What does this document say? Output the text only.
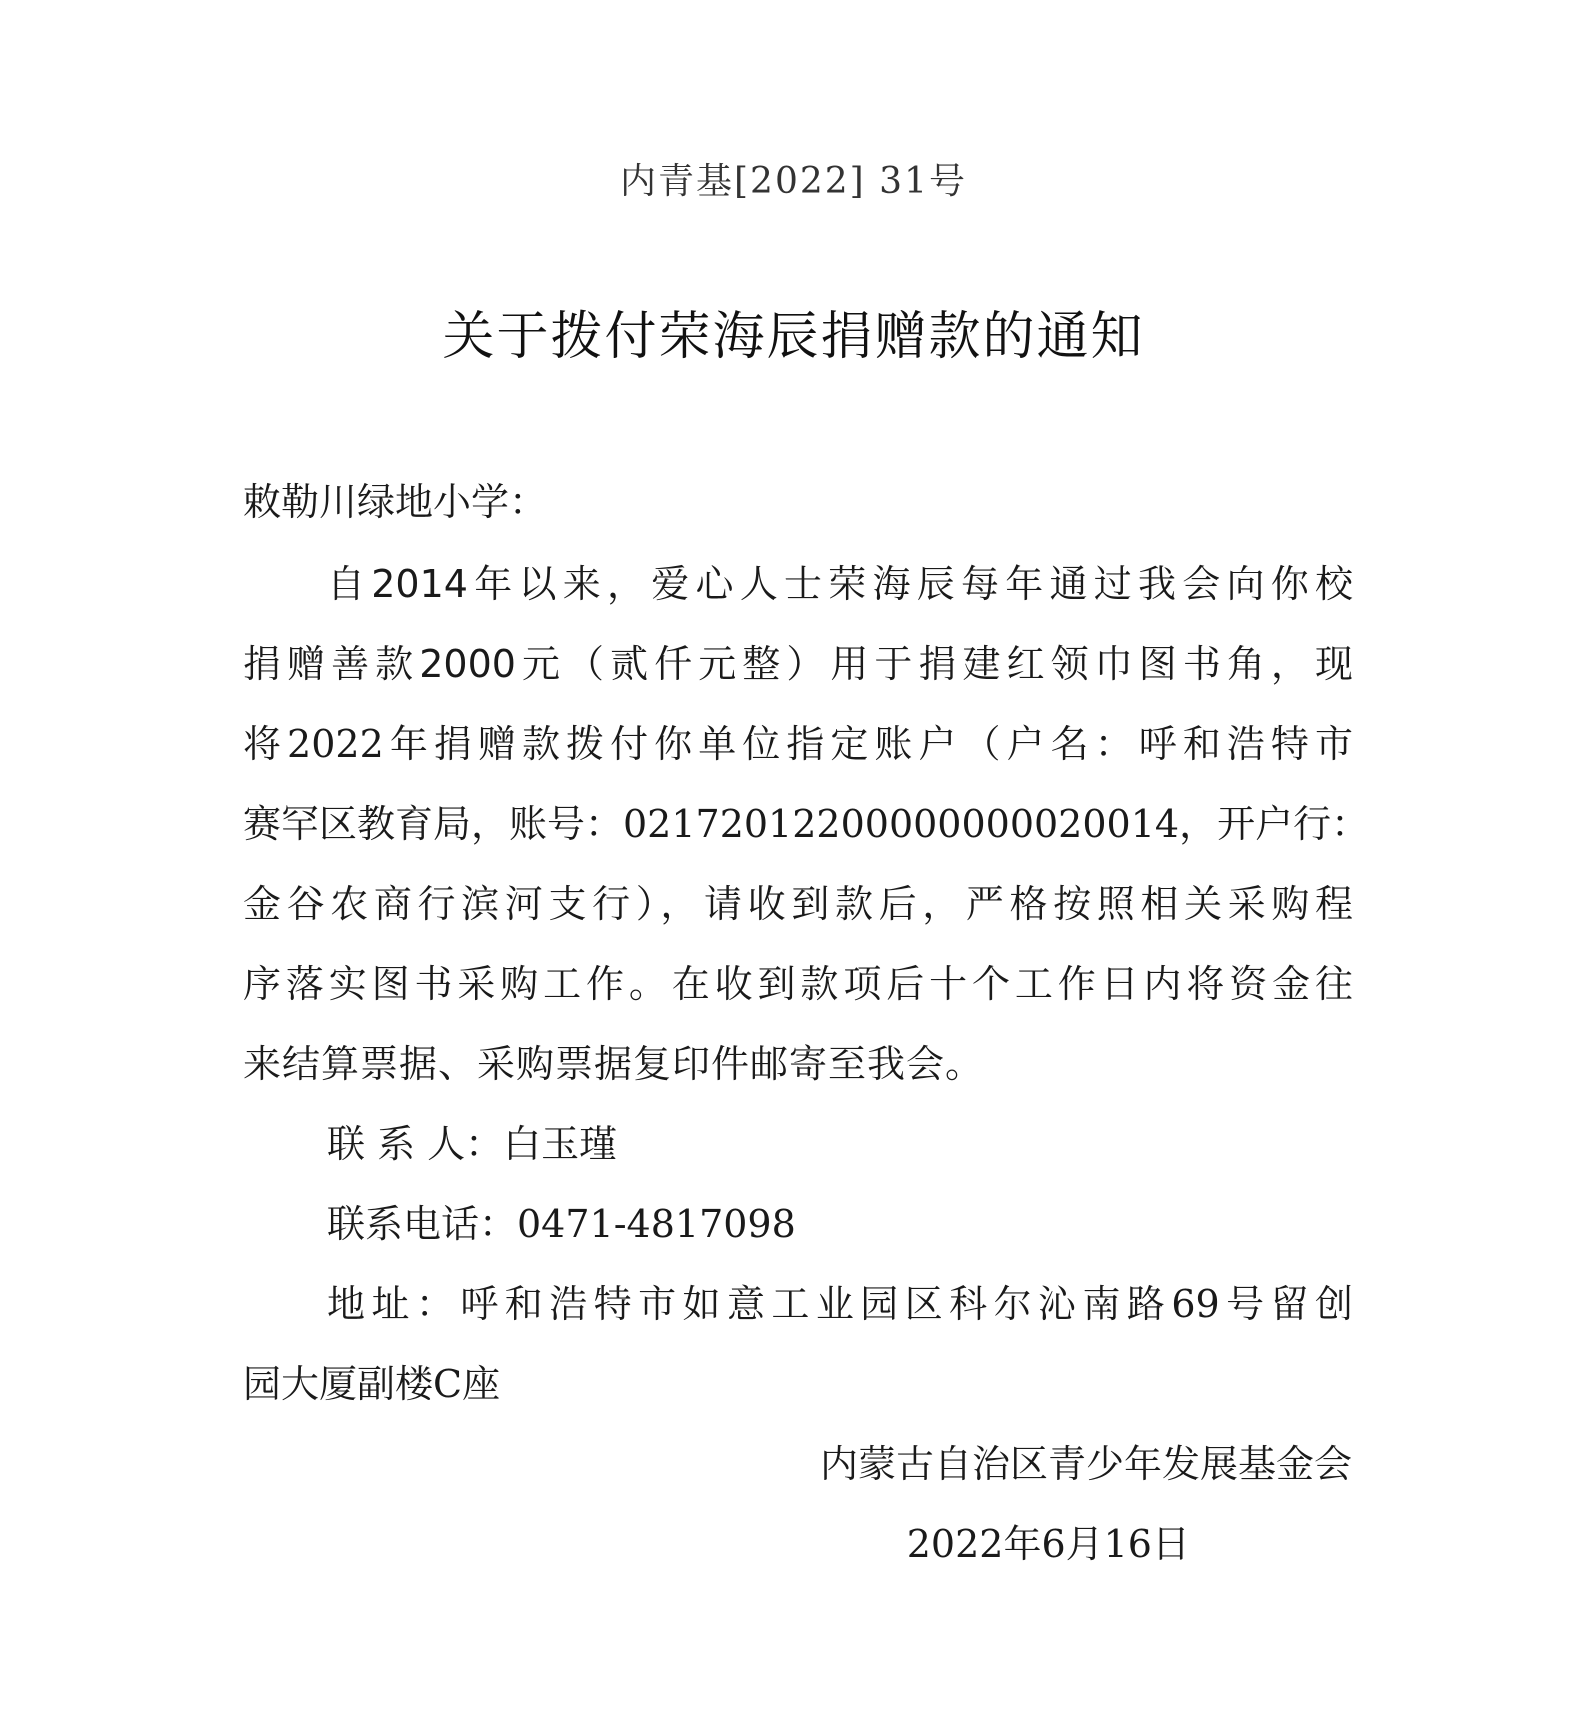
内青基[2022] 31号
关于拨付荣海辰捐赠款的通知
敕勒川绿地小学：
自2014年以来，爱心人士荣海辰每年通过我会向你校
捐赠善款2000元（贰仟元整）用于捐建红领巾图书角，现
将2022年捐赠款拨付你单位指定账户（户名：呼和浩特市
赛罕区教育局，账号：02172012200000000020014，开户行：
金谷农商行滨河支行），请收到款后，严格按照相关采购程
序落实图书采购工作。在收到款项后十个工作日内将资金往
来结算票据、采购票据复印件邮寄至我会。
联 系 人：白玉瑾
联系电话：0471-4817098
地址：呼和浩特市如意工业园区科尔沁南路69号留创
园大厦副楼C座
内蒙古自治区青少年发展基金会
2022年6月16日
